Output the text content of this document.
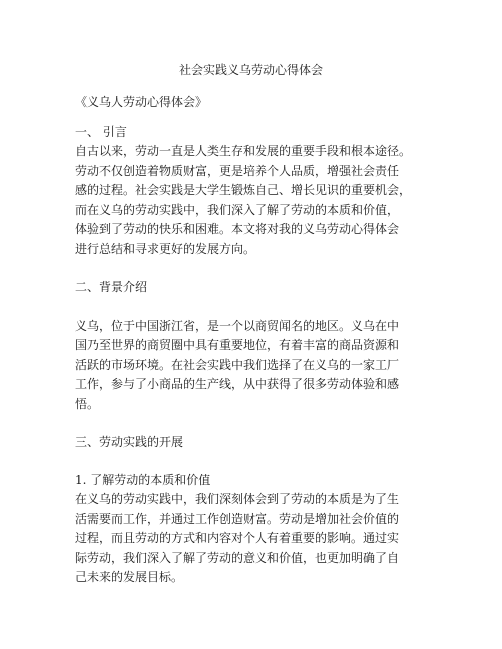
社会实践义乌劳动心得体会
《义乌人劳动心得体会》
一、 引言
自古以来，劳动一直是人类生存和发展的重要手段和根本途径。
劳动不仅创造着物质财富，更是培养个人品质，增强社会责任
感的过程。社会实践是大学生锻炼自己、增长见识的重要机会，
而在义乌的劳动实践中，我们深入了解了劳动的本质和价值，
体验到了劳动的快乐和困难。本文将对我的义乌劳动心得体会
进行总结和寻求更好的发展方向。
二、背景介绍
义乌，位于中国浙江省，是一个以商贸闻名的地区。义乌在中
国乃至世界的商贸圈中具有重要地位，有着丰富的商品资源和
活跃的市场环境。在社会实践中我们选择了在义乌的一家工厂
工作，参与了小商品的生产线，从中获得了很多劳动体验和感
悟。
三、劳动实践的开展
1. 了解劳动的本质和价值
在义乌的劳动实践中，我们深刻体会到了劳动的本质是为了生
活需要而工作，并通过工作创造财富。劳动是增加社会价值的
过程，而且劳动的方式和内容对个人有着重要的影响。通过实
际劳动，我们深入了解了劳动的意义和价值，也更加明确了自
己未来的发展目标。
